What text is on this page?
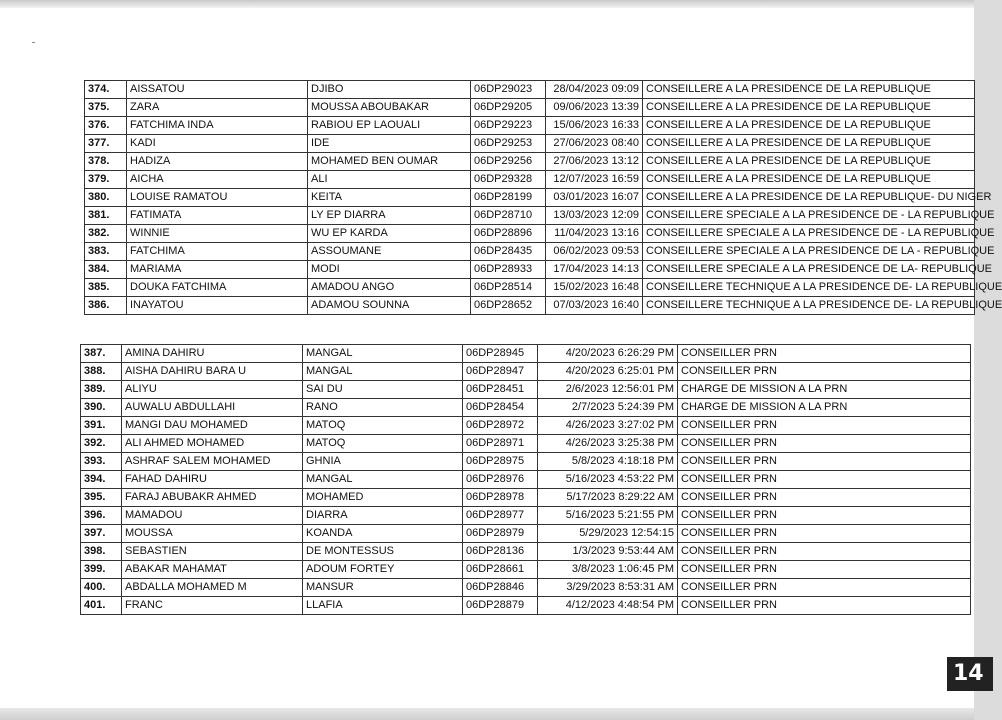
374.	AISSATOU	DJIBO	06DP29023	28/04/2023 09:09	CONSEILLERE A LA PRESIDENCE DE LA REPUBLIQUE
375.	ZARA	MOUSSA ABOUBAKAR	06DP29205	09/06/2023 13:39	CONSEILLERE A LA PRESIDENCE DE LA REPUBLIQUE
376.	FATCHIMA INDA	RABIOU EP LAOUALI	06DP29223	15/06/2023 16:33	CONSEILLERE A LA PRESIDENCE DE LA REPUBLIQUE
377.	KADI	IDE	06DP29253	27/06/2023 08:40	CONSEILLERE A LA PRESIDENCE DE LA REPUBLIQUE
378.	HADIZA	MOHAMED BEN OUMAR	06DP29256	27/06/2023 13:12	CONSEILLERE A LA PRESIDENCE DE LA REPUBLIQUE
379.	AICHA	ALI	06DP29328	12/07/2023 16:59	CONSEILLERE A LA PRESIDENCE DE LA REPUBLIQUE
380.	LOUISE RAMATOU	KEITA	06DP28199	03/01/2023 16:07	CONSEILLERE A LA PRESIDENCE DE LA REPUBLIQUE- DU NIGER
381.	FATIMATA	LY EP DIARRA	06DP28710	13/03/2023 12:09	CONSEILLERE SPECIALE A LA PRESIDENCE DE - LA REPUBLIQUE
382.	WINNIE	WU EP KARDA	06DP28896	11/04/2023 13:16	CONSEILLERE SPECIALE A LA PRESIDENCE DE - LA REPUBLIQUE
383.	FATCHIMA	ASSOUMANE	06DP28435	06/02/2023 09:53	CONSEILLERE SPECIALE A LA PRESIDENCE DE LA - REPUBLIQUE
384.	MARIAMA	MODI	06DP28933	17/04/2023 14:13	CONSEILLERE SPECIALE A LA PRESIDENCE DE LA- REPUBLIQUE
385.	DOUKA FATCHIMA	AMADOU ANGO	06DP28514	15/02/2023 16:48	CONSEILLERE TECHNIQUE A LA PRESIDENCE DE- LA REPUBLIQUE
386.	INAYATOU	ADAMOU SOUNNA	06DP28652	07/03/2023 16:40	CONSEILLERE TECHNIQUE A LA PRESIDENCE DE- LA REPUBLIQUE
387.	AMINA DAHIRU	MANGAL	06DP28945	4/20/2023 6:26:29 PM	CONSEILLER PRN
388.	AISHA DAHIRU BARA U	MANGAL	06DP28947	4/20/2023 6:25:01 PM	CONSEILLER PRN
389.	ALIYU	SAI DU	06DP28451	2/6/2023 12:56:01 PM	CHARGE DE MISSION A LA PRN
390.	AUWALU ABDULLAHI	RANO	06DP28454	2/7/2023 5:24:39 PM	CHARGE DE MISSION A LA PRN
391.	MANGI DAU MOHAMED	MATOQ	06DP28972	4/26/2023 3:27:02 PM	CONSEILLER PRN
392.	ALI AHMED MOHAMED	MATOQ	06DP28971	4/26/2023 3:25:38 PM	CONSEILLER PRN
393.	ASHRAF SALEM MOHAMED	GHNIA	06DP28975	5/8/2023 4:18:18 PM	CONSEILLER PRN
394.	FAHAD DAHIRU	MANGAL	06DP28976	5/16/2023 4:53:22 PM	CONSEILLER PRN
395.	FARAJ ABUBAKR AHMED	MOHAMED	06DP28978	5/17/2023 8:29:22 AM	CONSEILLER PRN
396.	MAMADOU	DIARRA	06DP28977	5/16/2023 5:21:55 PM	CONSEILLER PRN
397.	MOUSSA	KOANDA	06DP28979	5/29/2023 12:54:15	CONSEILLER PRN
398.	SEBASTIEN	DE MONTESSUS	06DP28136	1/3/2023 9:53:44 AM	CONSEILLER PRN
399.	ABAKAR MAHAMAT	ADOUM FORTEY	06DP28661	3/8/2023 1:06:45 PM	CONSEILLER PRN
400.	ABDALLA MOHAMED M	MANSUR	06DP28846	3/29/2023 8:53:31 AM	CONSEILLER PRN
401.	FRANC	LLAFIA	06DP28879	4/12/2023 4:48:54 PM	CONSEILLER PRN
14
